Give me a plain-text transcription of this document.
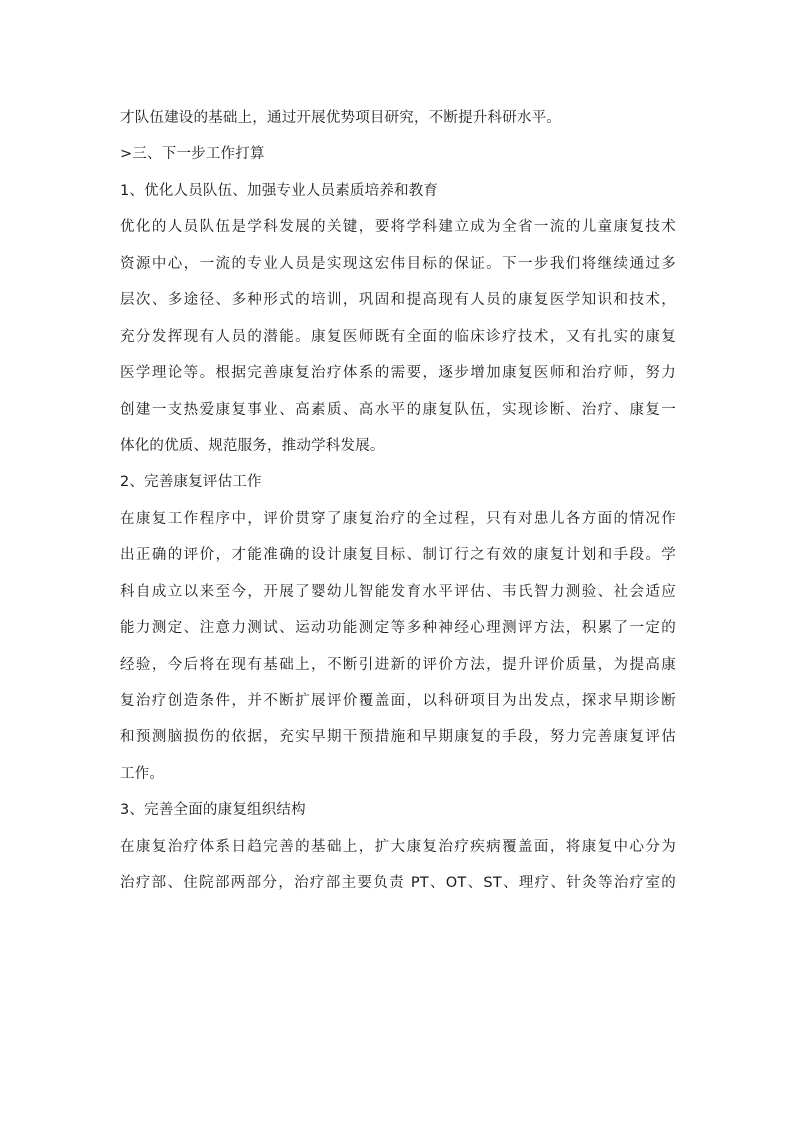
才队伍建设的基础上，通过开展优势项目研究，不断提升科研水平。
>三、下一步工作打算
1、优化人员队伍、加强专业人员素质培养和教育
优化的人员队伍是学科发展的关键，要将学科建立成为全省一流的儿童康复技术
资源中心，一流的专业人员是实现这宏伟目标的保证。下一步我们将继续通过多
层次、多途径、多种形式的培训，巩固和提高现有人员的康复医学知识和技术，
充分发挥现有人员的潜能。康复医师既有全面的临床诊疗技术，又有扎实的康复
医学理论等。根据完善康复治疗体系的需要，逐步增加康复医师和治疗师，努力
创建一支热爱康复事业、高素质、高水平的康复队伍，实现诊断、治疗、康复一
体化的优质、规范服务，推动学科发展。
2、完善康复评估工作
在康复工作程序中，评价贯穿了康复治疗的全过程，只有对患儿各方面的情况作
出正确的评价，才能准确的设计康复目标、制订行之有效的康复计划和手段。学
科自成立以来至今，开展了婴幼儿智能发育水平评估、韦氏智力测验、社会适应
能力测定、注意力测试、运动功能测定等多种神经心理测评方法，积累了一定的
经验，今后将在现有基础上，不断引进新的评价方法，提升评价质量，为提高康
复治疗创造条件，并不断扩展评价覆盖面，以科研项目为出发点，探求早期诊断
和预测脑损伤的依据，充实早期干预措施和早期康复的手段，努力完善康复评估
工作。
3、完善全面的康复组织结构
在康复治疗体系日趋完善的基础上，扩大康复治疗疾病覆盖面，将康复中心分为
治疗部、住院部两部分，治疗部主要负责 PT、OT、ST、理疗、针灸等治疗室的
